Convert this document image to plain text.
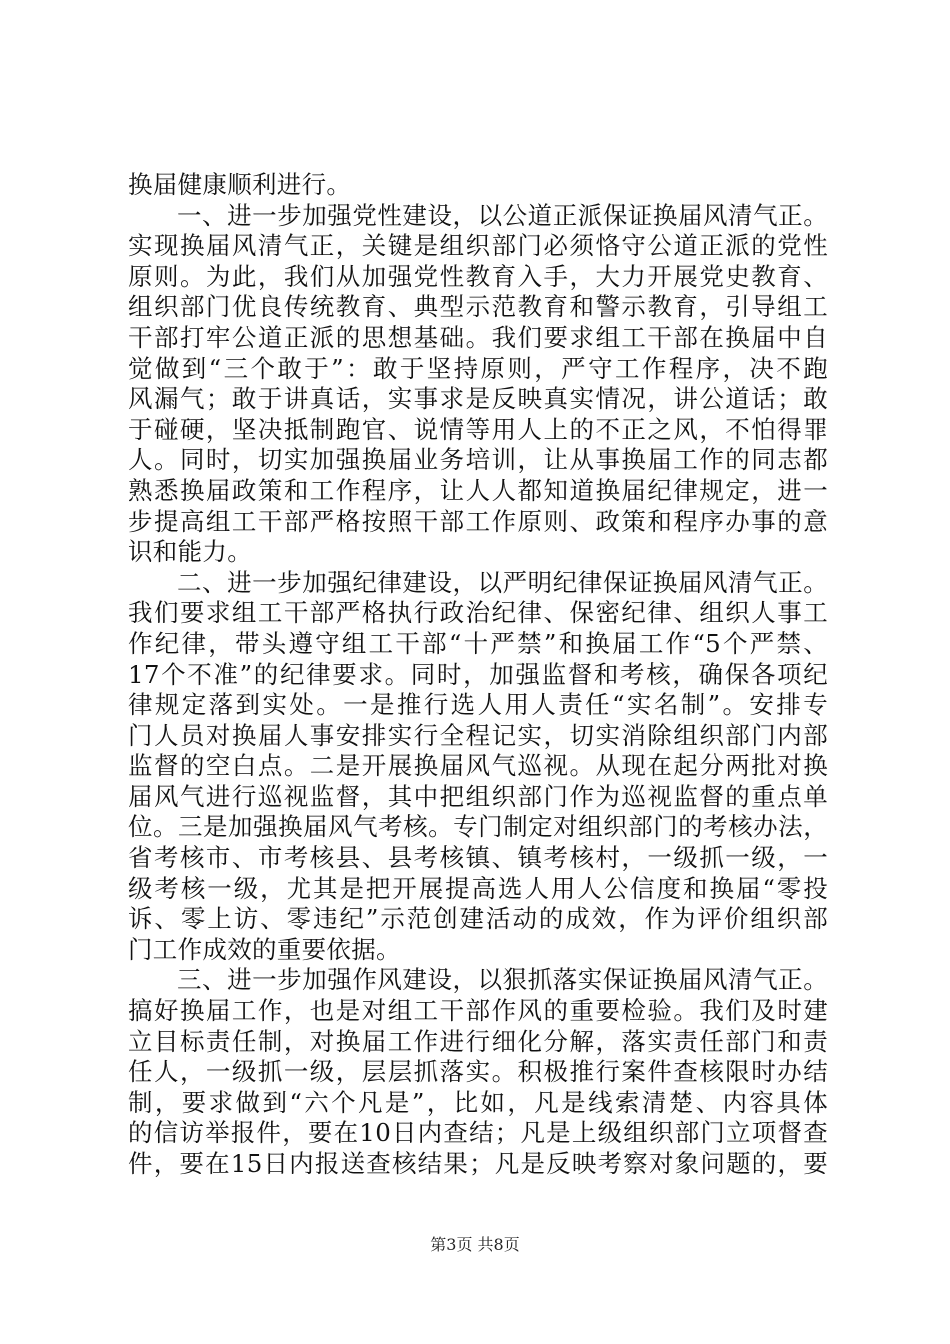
换届健康顺利进行。
一、进一步加强党性建设，以公道正派保证换届风清气正。
实现换届风清气正，关键是组织部门必须恪守公道正派的党性
原则。为此，我们从加强党性教育入手，大力开展党史教育、
组织部门优良传统教育、典型示范教育和警示教育，引导组工
干部打牢公道正派的思想基础。我们要求组工干部在换届中自
觉做到“三个敢于”：敢于坚持原则，严守工作程序，决不跑
风漏气；敢于讲真话，实事求是反映真实情况，讲公道话；敢
于碰硬，坚决抵制跑官、说情等用人上的不正之风，不怕得罪
人。同时，切实加强换届业务培训，让从事换届工作的同志都
熟悉换届政策和工作程序，让人人都知道换届纪律规定，进一
步提高组工干部严格按照干部工作原则、政策和程序办事的意
识和能力。
二、进一步加强纪律建设，以严明纪律保证换届风清气正。
我们要求组工干部严格执行政治纪律、保密纪律、组织人事工
作纪律，带头遵守组工干部“十严禁”和换届工作“5个严禁、
17个不准”的纪律要求。同时，加强监督和考核，确保各项纪
律规定落到实处。一是推行选人用人责任“实名制”。安排专
门人员对换届人事安排实行全程记实，切实消除组织部门内部
监督的空白点。二是开展换届风气巡视。从现在起分两批对换
届风气进行巡视监督，其中把组织部门作为巡视监督的重点单
位。三是加强换届风气考核。专门制定对组织部门的考核办法，
省考核市、市考核县、县考核镇、镇考核村，一级抓一级，一
级考核一级，尤其是把开展提高选人用人公信度和换届“零投
诉、零上访、零违纪”示范创建活动的成效，作为评价组织部
门工作成效的重要依据。
三、进一步加强作风建设，以狠抓落实保证换届风清气正。
搞好换届工作，也是对组工干部作风的重要检验。我们及时建
立目标责任制，对换届工作进行细化分解，落实责任部门和责
任人，一级抓一级，层层抓落实。积极推行案件查核限时办结
制，要求做到“六个凡是”，比如，凡是线索清楚、内容具体
的信访举报件，要在10日内查结；凡是上级组织部门立项督查
件，要在15日内报送查核结果；凡是反映考察对象问题的，要
第3页 共8页
